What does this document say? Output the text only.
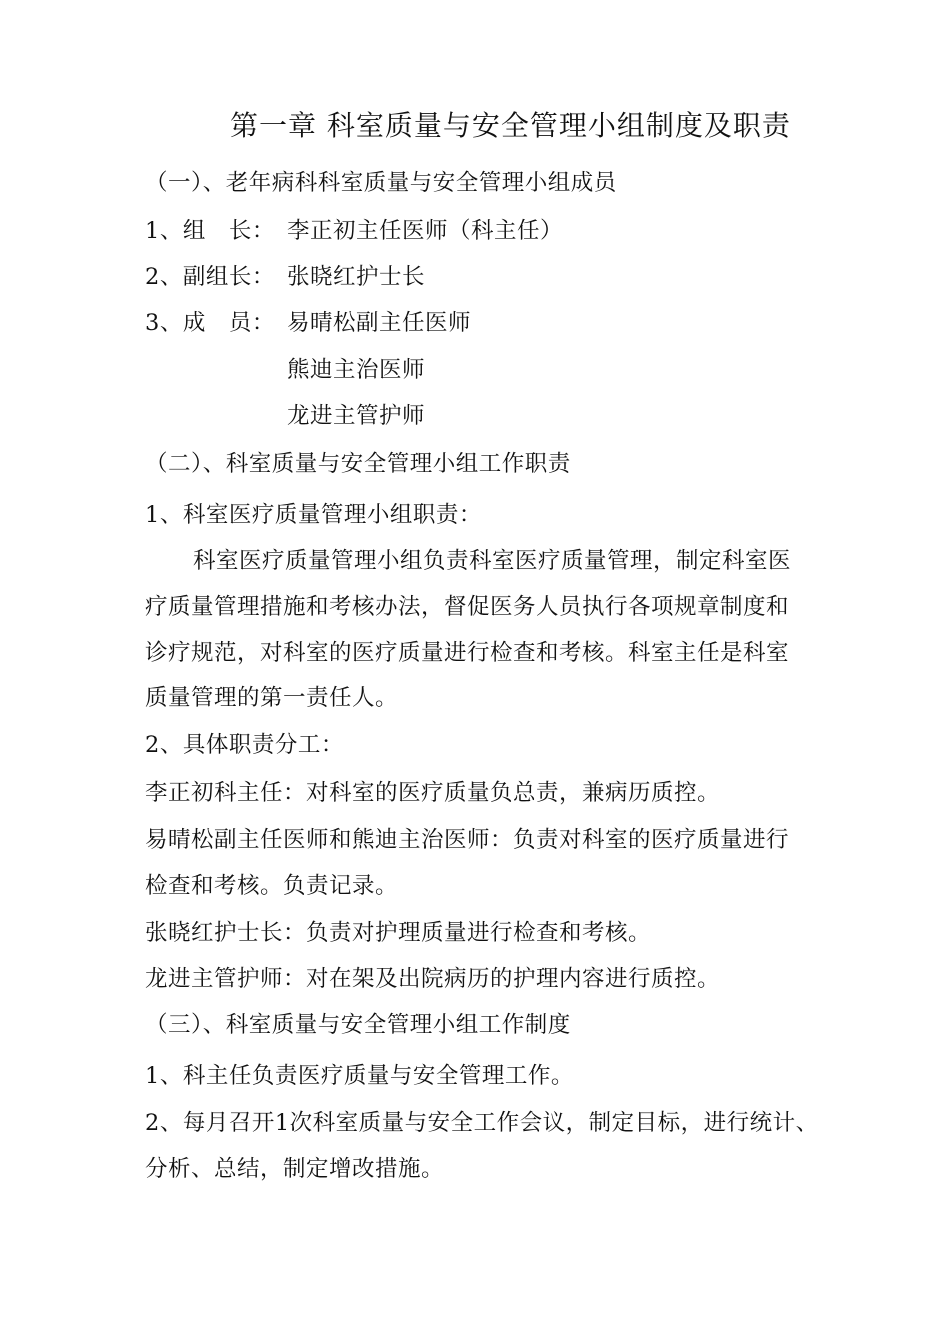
第一章 科室质量与安全管理小组制度及职责
（一）、老年病科科室质量与安全管理小组成员
1、组　长： 李正初主任医师（科主任）
2、副组长： 张晓红护士长
3、成　员： 易晴松副主任医师
熊迪主治医师
龙进主管护师
（二）、科室质量与安全管理小组工作职责
1、科室医疗质量管理小组职责：
科室医疗质量管理小组负责科室医疗质量管理，制定科室医
疗质量管理措施和考核办法，督促医务人员执行各项规章制度和
诊疗规范，对科室的医疗质量进行检查和考核。科室主任是科室
质量管理的第一责任人。
2、具体职责分工：
李正初科主任：对科室的医疗质量负总责，兼病历质控。
易晴松副主任医师和熊迪主治医师：负责对科室的医疗质量进行
检查和考核。负责记录。
张晓红护士长：负责对护理质量进行检查和考核。
龙进主管护师：对在架及出院病历的护理内容进行质控。
（三）、科室质量与安全管理小组工作制度
1、科主任负责医疗质量与安全管理工作。
2、每月召开1次科室质量与安全工作会议，制定目标，进行统计、
分析、总结，制定增改措施。
